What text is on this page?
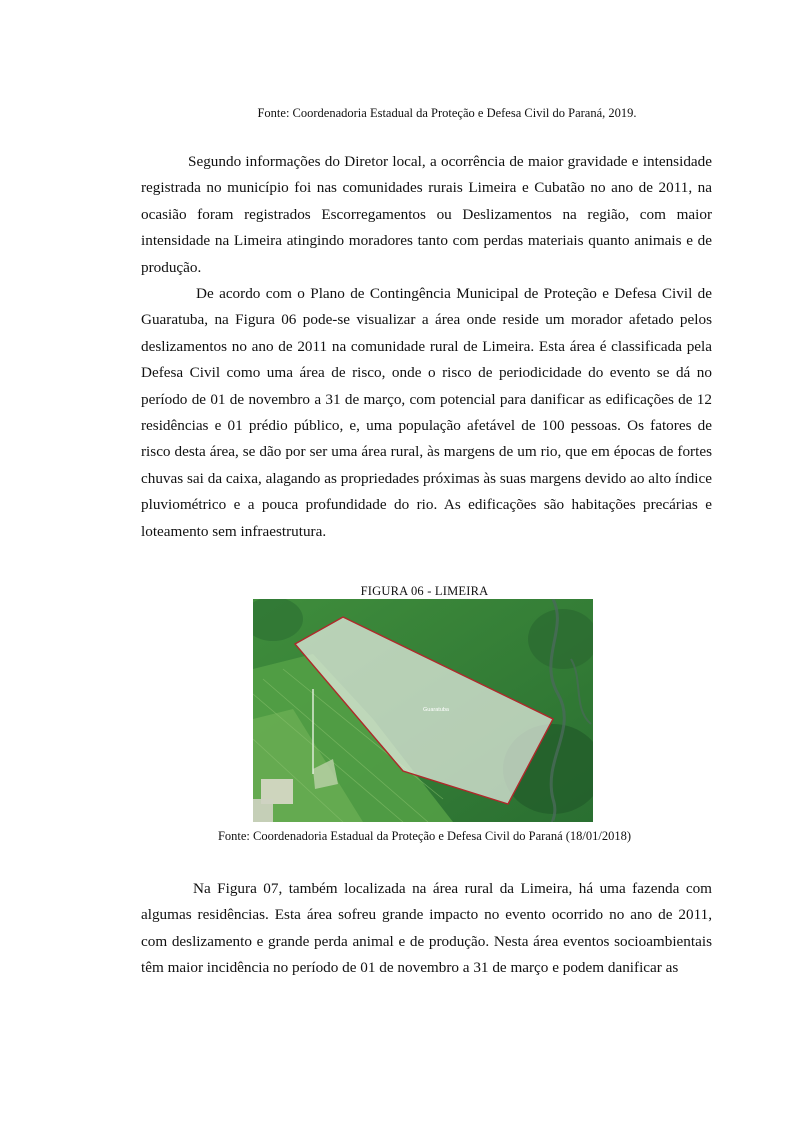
Fonte: Coordenadoria Estadual da Proteção e Defesa Civil do Paraná, 2019.

Segundo informações do Diretor local, a ocorrência de maior gravidade e intensidade registrada no município foi nas comunidades rurais Limeira e Cubatão no ano de 2011, na ocasião foram registrados Escorregamentos ou Deslizamentos na região, com maior intensidade na Limeira atingindo moradores tanto com perdas materiais quanto animais e de produção.

De acordo com o Plano de Contingência Municipal de Proteção e Defesa Civil de Guaratuba, na Figura 06 pode-se visualizar a área onde reside um morador afetado pelos deslizamentos no ano de 2011 na comunidade rural de Limeira. Esta área é classificada pela Defesa Civil como uma área de risco, onde o risco de periodicidade do evento se dá no período de 01 de novembro a 31 de março, com potencial para danificar as edificações de 12 residências e 01 prédio público, e, uma população afetável de 100 pessoas. Os fatores de risco desta área, se dão por ser uma área rural, às margens de um rio, que em épocas de fortes chuvas sai da caixa, alagando as propriedades próximas às suas margens devido ao alto índice pluviométrico e a pouca profundidade do rio. As edificações são habitações precárias e loteamento sem infraestrutura.

FIGURA 06 - LIMEIRA
Guaratuba
Fonte: Coordenadoria Estadual da Proteção e Defesa Civil do Paraná (18/01/2018)

Na Figura 07, também localizada na área rural da Limeira, há uma fazenda com algumas residências. Esta área sofreu grande impacto no evento ocorrido no ano de 2011, com deslizamento e grande perda animal e de produção. Nesta área eventos socioambientais têm maior incidência no período de 01 de novembro a 31 de março e podem danificar as
